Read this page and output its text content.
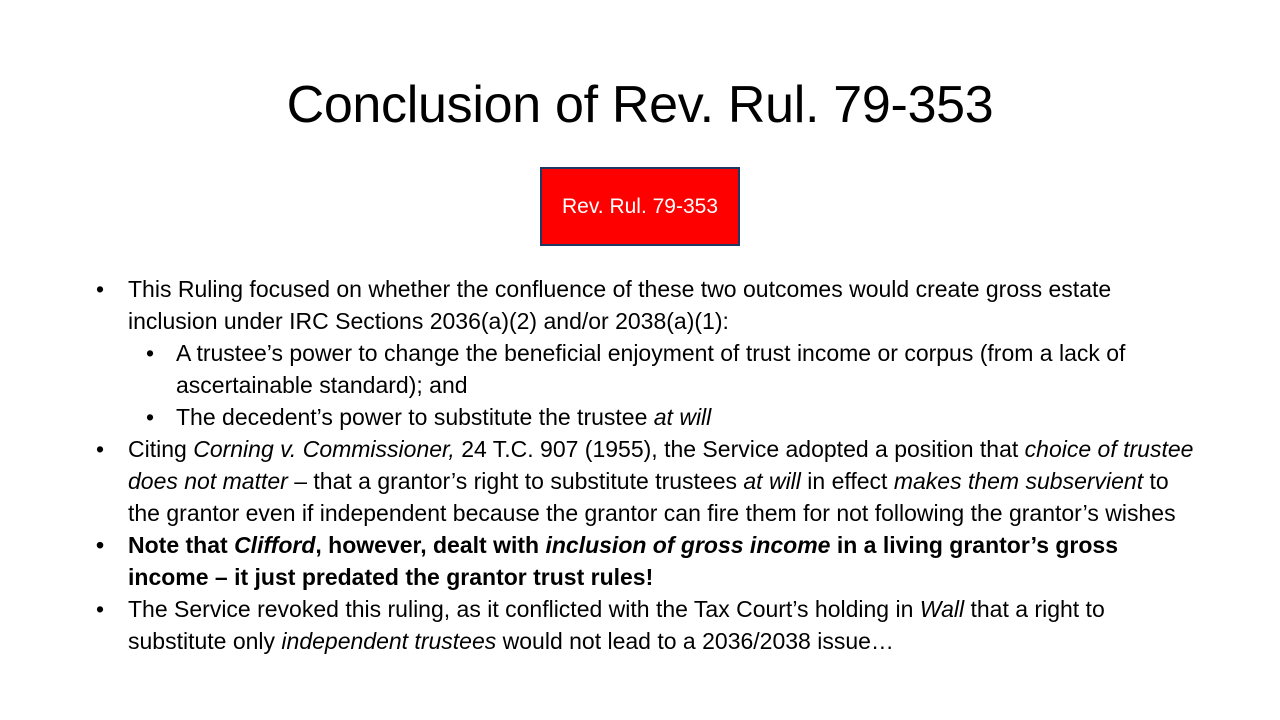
Conclusion of Rev. Rul. 79-353
Rev. Rul. 79-353
•	This Ruling focused on whether the confluence of these two outcomes would create gross estate inclusion under IRC Sections 2036(a)(2) and/or 2038(a)(1):
• A trustee’s power to change the beneficial enjoyment of trust income or corpus (from a lack of ascertainable standard); and
• The decedent’s power to substitute the trustee at will
•	Citing Corning v. Commissioner, 24 T.C. 907 (1955), the Service adopted a position that choice of trustee does not matter – that a grantor’s right to substitute trustees at will in effect makes them subservient to the grantor even if independent because the grantor can fire them for not following the grantor’s wishes
•	Note that Clifford, however, dealt with inclusion of gross income in a living grantor’s gross income – it just predated the grantor trust rules!
•	The Service revoked this ruling, as it conflicted with the Tax Court’s holding in Wall that a right to substitute only independent trustees would not lead to a 2036/2038 issue…
